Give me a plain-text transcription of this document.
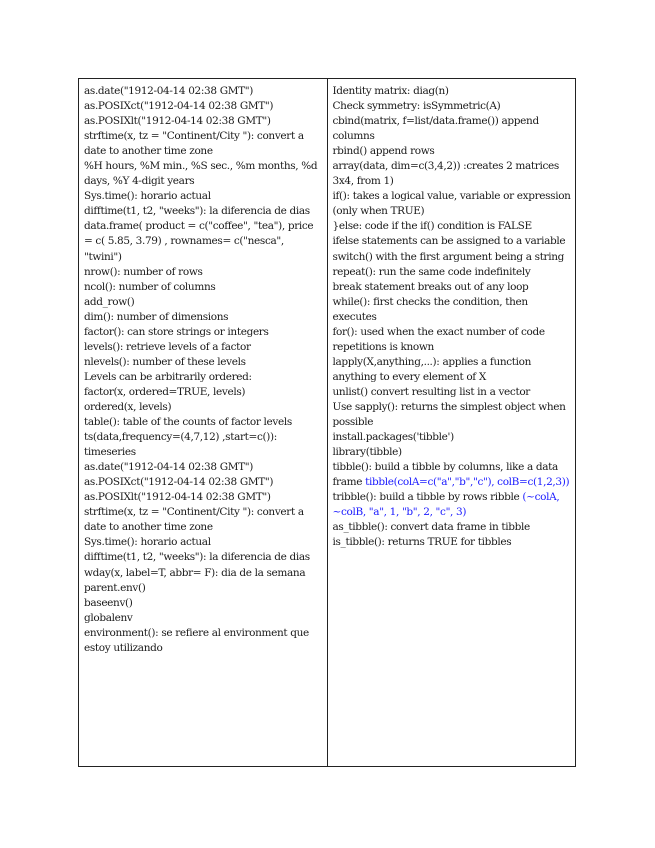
as.date("1912-04-14 02:38 GMT")
as.POSIXct("1912-04-14 02:38 GMT")
as.POSIXlt("1912-04-14 02:38 GMT")
strftime(x, tz = "Continent/City "): convert a date to another time zone
%H hours, %M min., %S sec., %m months, %d days, %Y 4-digit years
Sys.time(): horario actual
difftime(t1, t2, "weeks"): la diferencia de dias
data.frame( product = c("coffee", "tea"), price = c( 5.85, 3.79) , rownames= c("nesca", "twini")
nrow(): number of rows
ncol(): number of columns
add_row()
dim(): number of dimensions
factor(): can store strings or integers
levels(): retrieve levels of a factor
nlevels(): number of these levels
Levels can be arbitrarily ordered:
factor(x, ordered=TRUE, levels)
ordered(x, levels)
table(): table of the counts of factor levels
ts(data,frequency=(4,7,12) ,start=c()): timeseries
as.date("1912-04-14 02:38 GMT")
as.POSIXct("1912-04-14 02:38 GMT")
as.POSIXlt("1912-04-14 02:38 GMT")
strftime(x, tz = "Continent/City "): convert a date to another time zone
Sys.time(): horario actual
difftime(t1, t2, "weeks"): la diferencia de dias
wday(x, label=T, abbr= F): dia de la semana
parent.env()
baseenv()
globalenv
environment(): se refiere al environment que estoy utilizando
Identity matrix: diag(n)
Check symmetry: isSymmetric(A)
cbind(matrix, f=list/data.frame()) append columns
rbind() append rows
array(data, dim=c(3,4,2)) :creates 2 matrices 3x4, from 1)
if(): takes a logical value, variable or expression (only when TRUE)
}else: code if the if() condition is FALSE
ifelse statements can be assigned to a variable
switch() with the first argument being a string
repeat(): run the same code indefinitely
break statement breaks out of any loop
while(): first checks the condition, then executes
for(): used when the exact number of code repetitions is known
lapply(X,anything,...): applies a function anything to every element of X
unlist() convert resulting list in a vector
Use sapply(): returns the simplest object when possible
install.packages('tibble')
library(tibble)
tibble(): build a tibble by columns, like a data frame tibble(colA=c("a","b","c"), colB=c(1,2,3))
tribble(): build a tibble by rows ribble (~colA, ~colB, "a", 1, "b", 2, "c", 3)
as_tibble(): convert data frame in tibble
is_tibble(): returns TRUE for tibbles
